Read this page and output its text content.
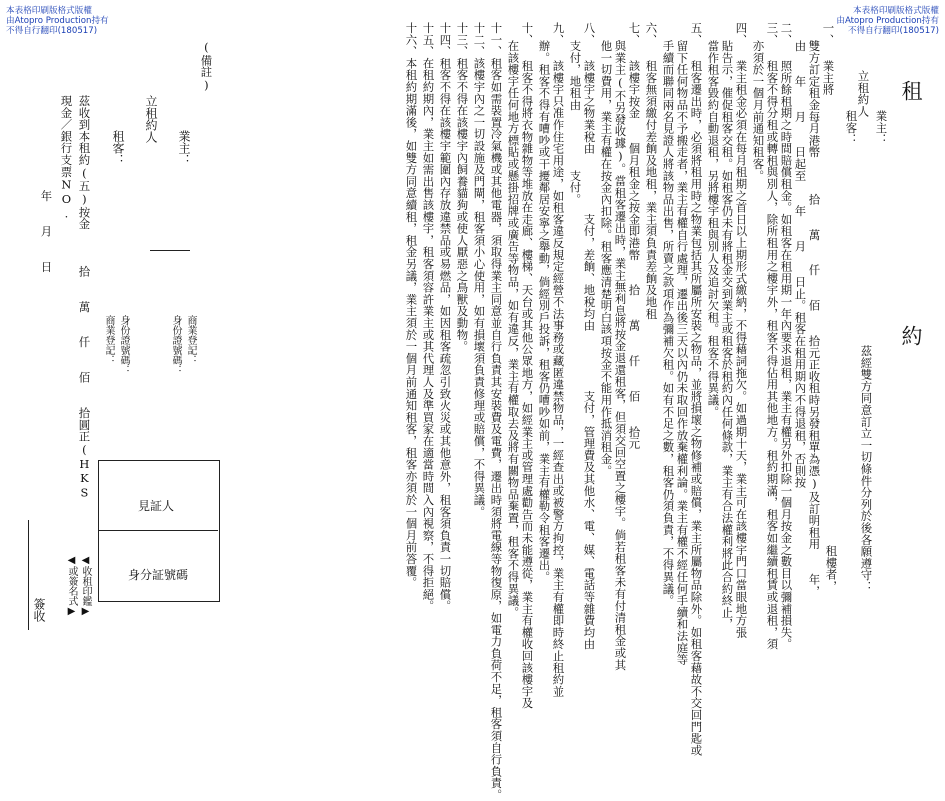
本表格印刷版格式版權
由Atopro Production持有
不得自行翻印(180517)
本表格印刷版格式版權
由Atopro Production持有
不得自行翻印(180517)
租
約
立租約人
業主：
租客：
茲經雙方同意訂立一切條件分列於後各願遵守：
租樓者，
一、 業主將
雙方訂定租金每月港幣　　　拾　　萬　　仟　　佰　　拾元正收租時另發租單為憑)及訂明租用　　年，
由　　年　　月　　日起至　　年　　月　　日止。租客在租用期內不得退租，否則按
二、 照所餘租期之時間賠償租金。如租客在租用期一年內要求退租，業主有權另外扣除一個月按金之數目以彌補損失。
三、 租客不得分租或轉租與別人，除所租用之樓宇外，租客不得佔用其他地方。租約期滿，租客如繼續租賃或退租，須
亦須於一個月前通知租客。
四、 業主租金必須在每月租期之首日以上期形式繳納，不得藉詞拖欠。如過期十天，業主可在該樓宇門口當眼地方張
貼告示，催促租客交租。如租客仍未有將租金交到業主或租客於租約內任何條款，業主有合法權利將此合約終止，
當作租客毀約自動退租，另將樓宇租與別人及追討欠租。租客不得異議。
五、 租客遷出時，必須將租用時之物業包括其所屬所安裝之物品，並將損壞之物修補或賠償，業主所屬物品除外。如租客藉故不交回門匙或
留下任何物品不予搬走者，業主有權自行處理，遷出後三天以內仍未取回作放棄權利論。業主有權不經任何手續和法庭等
手續而聯同兩名見證人將該物品出售，所賣之款項作為彌補欠租。如有不足之數，租客仍須負責，不得異議。
六、 租客無須繳付差餉及地租，業主須負責差餉及地租
七、 該樓宇按金　　個月租金之按金即港幣　　拾　　萬　　仟　　佰　　拾元
與業主(不另發收據)。當租客遷出時，業主無利息將按金退還租客，但須交回空置之樓宇。倘若租客未有付清租金或其
他一切費用，業主有權在按金內扣除。租客應清楚明白該項按金不能用作抵消租金。
八、 該樓宇之物業稅由　　　　　支付，差餉、地稅均由　　　　　支付，管理費及其他水、電、媒、電話等雜費均由
支付，地租由　　　　　支付。
九、 該樓宇只准作住宅用途，如租客違反規定經營不法事務或藏匿違禁物品，一經查出或被警方拘控，業主有權即時終止租約並
辦。租客不得有嘈吵或干擾鄰居安寧之舉動，倘經別戶投訴，租客仍嘈吵如前，業主有權勒令租客遷出。
十、 租客不得將衣物雜物等堆放在走廊、樓梯、天台或其他公眾地方，如經業主或管理處勸告而未能遵從，業主有權收回該樓宇及
在該樓宇任何地方標貼或懸掛招牌或廣告等物品，如有違反，業主有權取去及將有關物品棄置，租客不得異議。
十一、租客如需裝置冷氣機或其他電器，須取得業主同意並自行負責其安裝費及電費，遷出時須將電線等物復原，如電力負荷不足，租客須自行負責。
十二、該樓宇內之一切設施及門閘，租客須小心使用，如有損壞須負責修理或賠償，不得異議。
十三、租客不得在該樓宇內飼養貓狗或使人厭惡之鳥獸及動物。
十四、租客不得在該樓宇範圍內存放違禁品或易燃品，如因租客疏忽引致火災或其他意外，租客須負責一切賠償。
十五、在租約期內，業主如需出售該樓宇，租客須容許業主或其代理人及準買家在適當時間入內視察，不得拒絕。
十六、本租約期滿後，如雙方同意續租，租金另議，業主須於一個月前通知租客，租客亦須於一個月前答覆。
(備註)
立租約人
業主：
租客：
商業登記：
身份證號碼：
身份證號碼：
商業登記：
茲收到本租約(五)按金　　　拾　　萬　　仟　　佰　　拾圓正(HKS
現金／銀行支票NO.
年　　月　　日
見証人
身分証號碼
◀收租印鑑▶
◀或簽名式▶
簽收
